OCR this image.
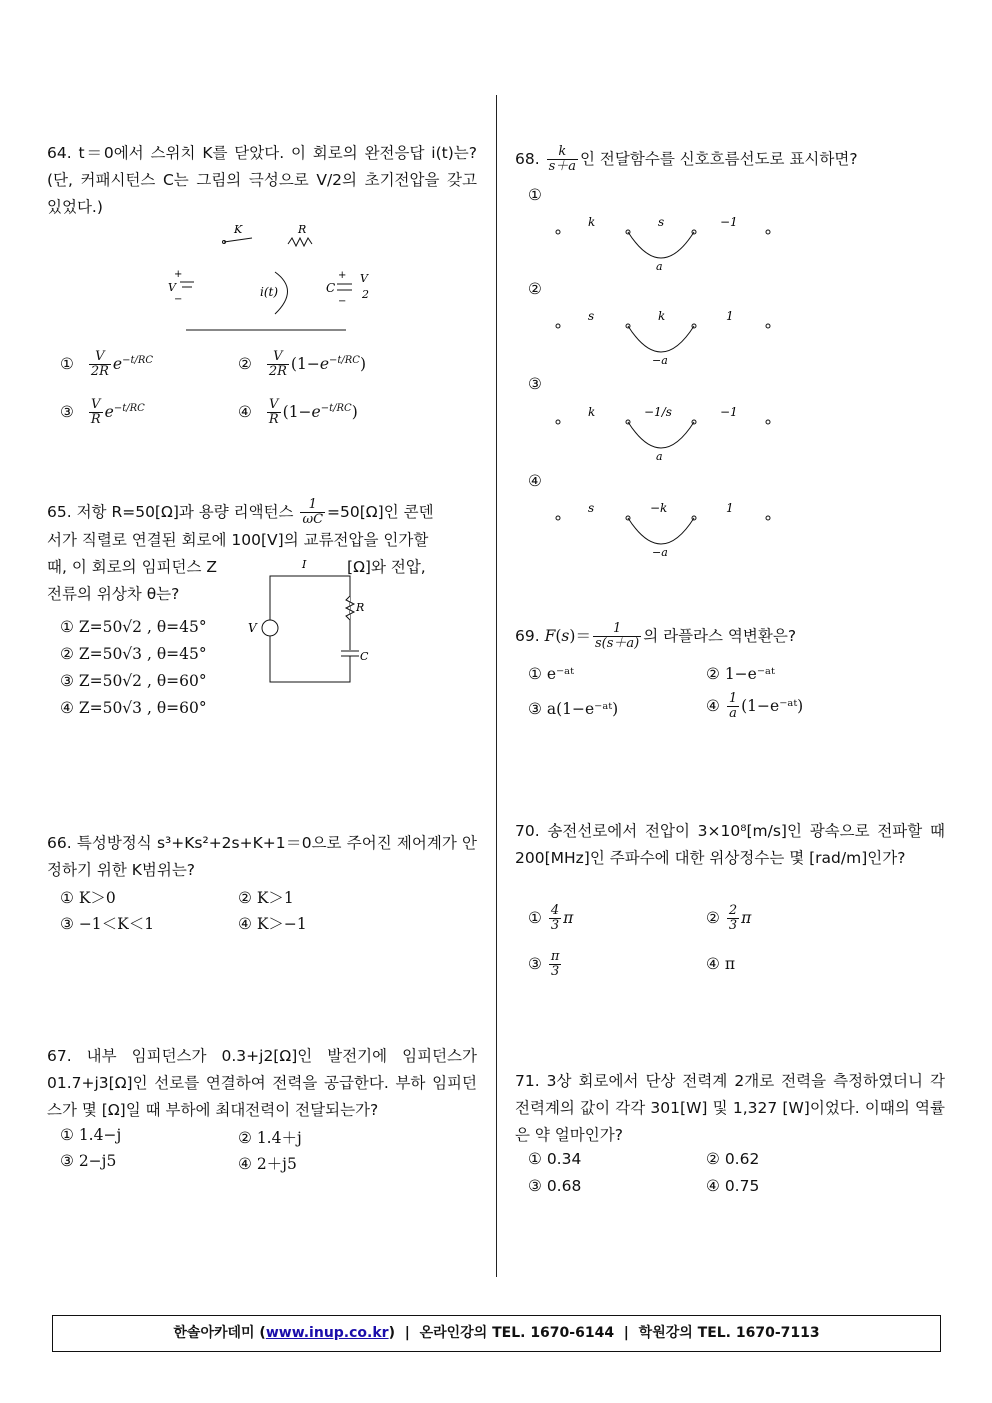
64. t＝0에서 스위치 K를 닫았다. 이 회로의 완전응답 i(t)는? (단, 커패시턴스 C는 그림의 극성으로 V/2의 초기전압을 갖고 있었다.)
K	R
+
V
−
i(t)
+
C
−
V
2
① $\frac{V}{2R} e^{-t/RC}$	② $\frac{V}{2R} (1-e^{-t/RC})$
③ $\frac{V}{R} e^{-t/RC}$	④ $\frac{V}{R} (1-e^{-t/RC})$
65. 저항 R=50[Ω]과 용량 리액턴스 $\frac{1}{\omega C} =50[\Omega]$인 콘덴
서가 직렬로 연결된 회로에 100[V]의 교류전압을 인가할
때, 이 회로의 임피던스 Z	[Ω]와 전압,
전류의 위상차 θ는?
I
V
R
C
① Z=50√2 , θ=45°
② Z=50√3 , θ=45°
③ Z=50√2 , θ=60°
④ Z=50√3 , θ=60°
66. 특성방정식 s³+Ks²+2s+K+1＝0으로 주어진 제어계가 안정하기 위한 K범위는?
① K＞0	② K＞1
③ −1＜K＜1	④ K＞−1
67. 내부 임피던스가 0.3+j2[Ω]인 발전기에 임피던스가 01.7+j3[Ω]인 선로를 연결하여 전력을 공급한다. 부하 임피던스가 몇 [Ω]일 때 부하에 최대전력이 전달되는가?
① 1.4−j	② 1.4＋j
③ 2−j5	④ 2＋j5
68. $\frac{k}{s+a}$ 인 전달함수를 신호흐름선도로 표시하면?
①
k	s	−1
a
②
s	k	1
−a
③
k	−1/s	−1
a
④
s	−k	1
−a
69. $F(s)= \frac{1}{s(s+a)}$ 의 라플라스 역변환은?
① e⁻ᵃᵗ	② 1−e⁻ᵃᵗ
③ a(1−e⁻ᵃᵗ)	④ $\frac{1}{a}$ (1−e⁻ᵃᵗ)
70. 송전선로에서 전압이 3×10⁸[m/s]인 광속으로 전파할 때 200[MHz]인 주파수에 대한 위상정수는 몇 [rad/m]인가?
① $\frac{4}{3}$ π	② $\frac{2}{3}$ π
③ $\frac{\pi}{3}$	④ π
71. 3상 회로에서 단상 전력계 2개로 전력을 측정하였더니 각 전력계의 값이 각각 301[W] 및 1,327 [W]이었다. 이때의 역률은 약 얼마인가?
① 0.34	② 0.62
③ 0.68	④ 0.75
한솔아카데미 (www.inup.co.kr)  |  온라인강의 TEL. 1670-6144  |  학원강의 TEL. 1670-7113
